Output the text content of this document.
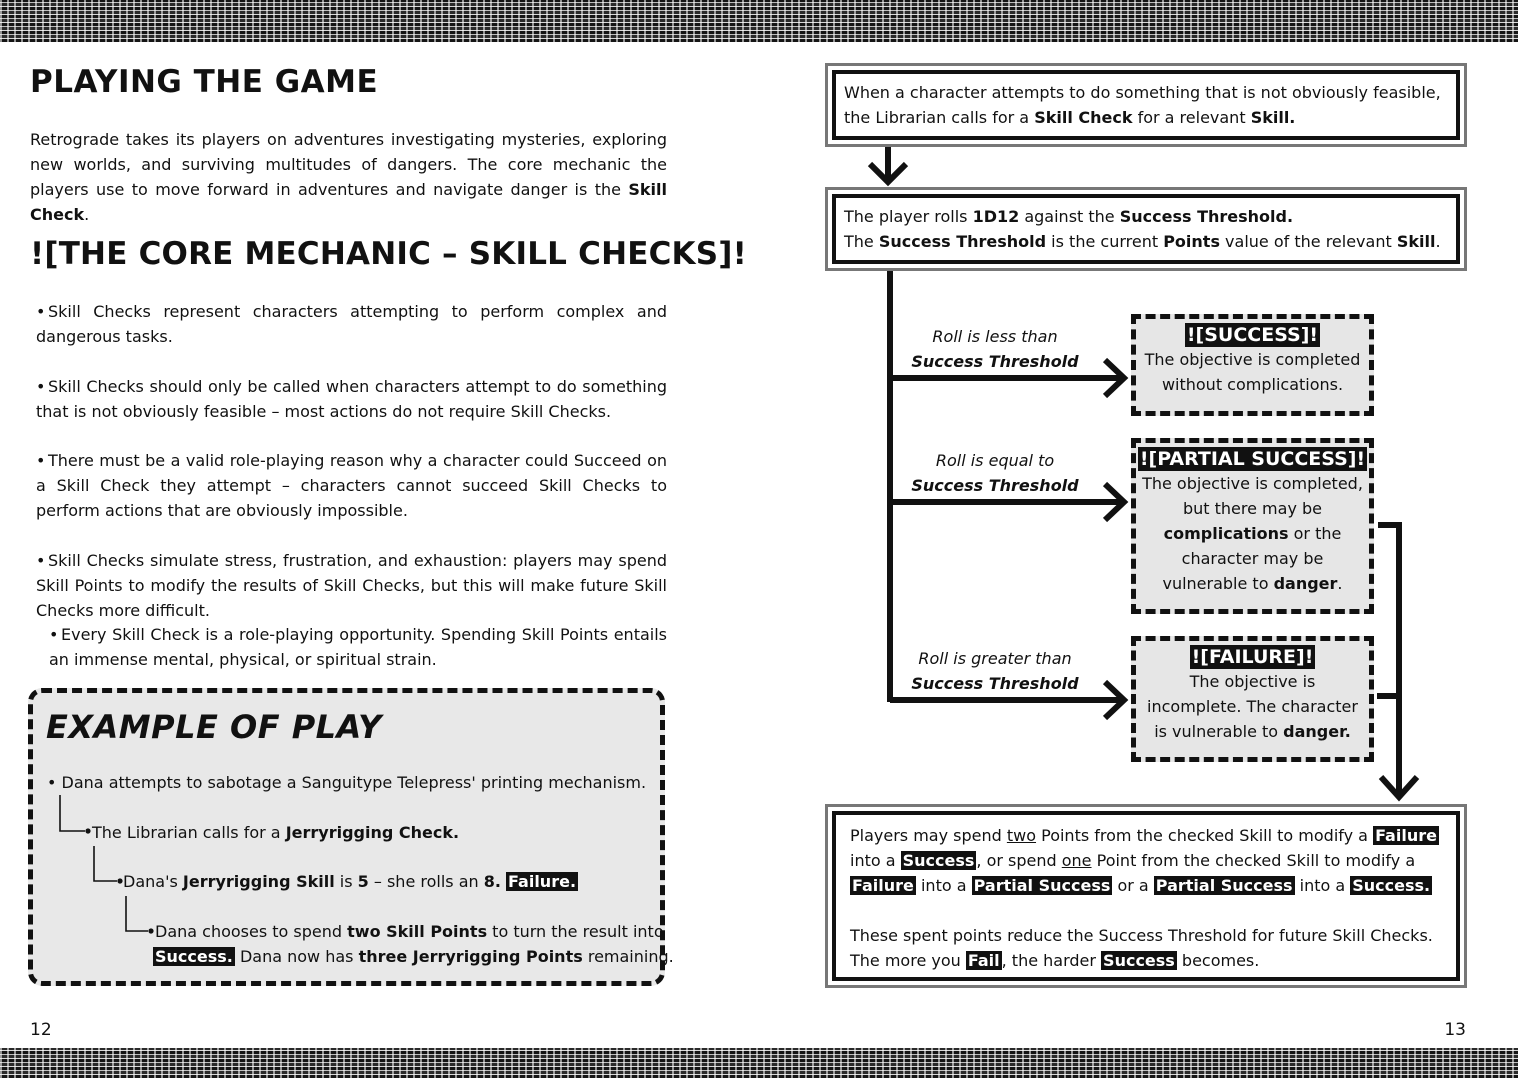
PLAYING THE GAME

Retrograde takes its players on adventures investigating mysteries, exploring new worlds, and surviving multitudes of dangers. The core mechanic the players use to move forward in adventures and navigate danger is the Skill Check.

![THE CORE MECHANIC – SKILL CHECKS]!

• Skill Checks represent characters attempting to perform complex and dangerous tasks.

• Skill Checks should only be called when characters attempt to do something that is not obviously feasible – most actions do not require Skill Checks.

• There must be a valid role-playing reason why a character could Succeed on a Skill Check they attempt – characters cannot succeed Skill Checks to perform actions that are obviously impossible.

• Skill Checks simulate stress, frustration, and exhaustion: players may spend Skill Points to modify the results of Skill Checks, but this will make future Skill Checks more difficult.

• Every Skill Check is a role-playing opportunity. Spending Skill Points entails an immense mental, physical, or spiritual strain.

EXAMPLE OF PLAY

• Dana attempts to sabotage a Sanguitype Telepress' printing mechanism.

The Librarian calls for a Jerryrigging Check.

Dana's Jerryrigging Skill is 5 – she rolls an 8. Failure.

Dana chooses to spend two Skill Points to turn the result into

Success. Dana now has three Jerryrigging Points remaining.

12

When a character attempts to do something that is not obviously feasible, the Librarian calls for a Skill Check for a relevant Skill.

The player rolls 1D12 against the Success Threshold.

The Success Threshold is the current Points value of the relevant Skill.

Roll is less than
Success Threshold
Roll is equal to
Success Threshold
Roll is greater than
Success Threshold
![SUCCESS]!

The objective is completed without complications.

![PARTIAL SUCCESS]!

The objective is completed, but there may be complications or the character may be vulnerable to danger.

![FAILURE]!

The objective is incomplete. The character is vulnerable to danger.

Players may spend two Points from the checked Skill to modify a Failure

into a Success , or spend one Point from the checked Skill to modify a

Failure into a Partial Success or a Partial Success into a Success.

These spent points reduce the Success Threshold for future Skill Checks.

The more you Fail , the harder Success becomes.

13
